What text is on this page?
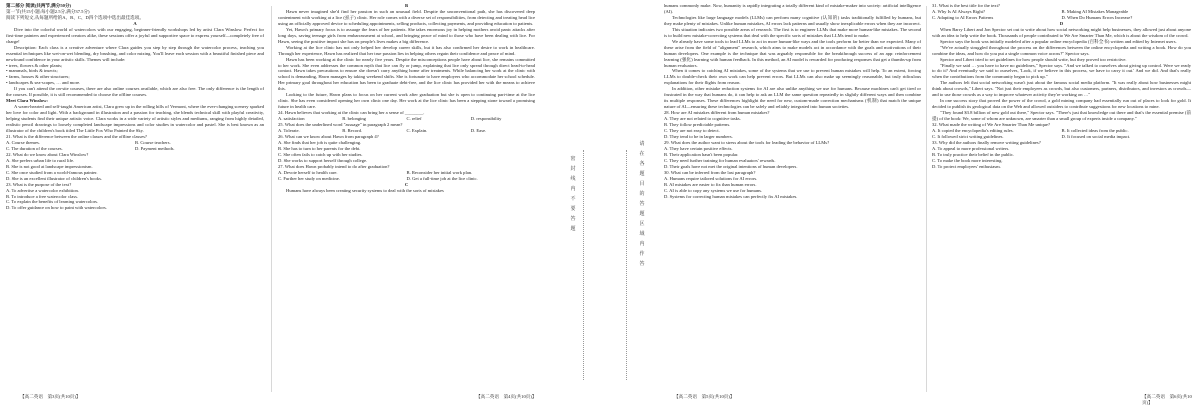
第二部分 阅读(共两节,满分50分)

第一节(共15小题;每小题2.5分,满分37.5分)

阅读下列短文,从每题所给的A、B、C、D四个选项中选出最佳选项。

A

Dive into the colorful world of watercolors with our engaging, beginner-friendly workshops led by artist Clara Winslow. Perfect for first-time painters and experienced creators alike, these sessions offer a joyful and supportive space to express yourself—completely free of charge!

Description: Each class is a creative adventure where Clara guides you step by step through the watercolor process, teaching you essential techniques like wet-on-wet blending, dry brushing, and color mixing. You'll leave each session with a beautiful finished piece and newfound confidence in your artistic skills. Themes will include:

• trees, flowers & other plants;

• mammals, birds & insects;

• farms, houses & other structures;

• landscapes & sea-scapes, … and more.

If you can't attend the on-site courses, there are also online courses available, which are also free. The only difference is the length of the courses. If possible, it is still recommended to choose the offline courses.

Meet Clara Winslow:

A warm-hearted and self-taught American artist, Clara grew up in the rolling hills of Vermont, where the ever-changing scenery sparked her love for color and light. With a background in illustration and a passion for teaching, she blends technical skill with playful creativity, helping students find their unique artistic voice. Clara works in a wide variety of artistic styles and mediums, ranging from highly detailed, realistic pencil drawings to loosely completed landscape impressions and color studies in watercolor and pastel. She is best known as an illustrator of the children's book titled The Little Fox Who Painted the Sky.

21. What is the difference between the online classes and the offline classes?

A. Course themes.	B. Course teachers.
C. The duration of the courses.	D. Payment methods.

22. What do we know about Clara Winslow?

A. She prefers urban life to rural life.

B. She is not good at landscape impressionism.

C. She once studied from a world-famous painter.

D. She is an excellent illustrator of children's books.

23. What is the purpose of the text?

A. To advertise a watercolor exhibition.

B. To introduce a free watercolor class.

C. To explain the benefits of learning watercolors.

D. To offer guidance on how to paint with watercolors.

【高二英语　第3页(共10页)】

B

Hawn never imagined she'd find her passion in such an unusual field. Despite the unconventional path, she has discovered deep contentment with working at a lice (虱子) clinic. Her role comes with a diverse set of responsibilities, from detecting and treating head lice using an officially approved device to scheduling appointments, selling products, collecting payments, and providing education to patients.

Yet, Hawn's primary focus is to assuage the fears of her patients. She takes enormous joy in helping mothers avoid panic attacks after long days, saving teenage girls from embarrassment at school, and bringing peace of mind to those who have been dealing with lice. For Hawn, seeing the positive impact she has on people's lives makes a big difference.

Working at the lice clinic has not only helped her develop career skills, but it has also confirmed her desire to work in healthcare. Through her experience, Hawn has realized that her true passion lies in helping others regain their confidence and peace of mind.

Hawn has been working at the clinic for nearly five years. Despite the misconceptions people have about lice, she remains committed to her work. She even addresses the common myth that lice can fly or jump, explaining that lice only spread through direct head-to-head contact. Hawn takes precautions to ensure she doesn't carry anything home after treatments. While balancing her work at the clinic with school is demanding, Hawn manages by taking weekend shifts. She is fortunate to have employers who accommodate her school schedule. Her primary goal throughout her education has been to graduate debt-free, and the lice clinic has provided her with the means to achieve this.

Looking to the future, Hawn plans to focus on her current work after graduation but she is open to continuing part-time at the lice clinic. She has even considered opening her own clinic one day. Her work at the lice clinic has been a stepping stone toward a promising future in health care.

24. Hawn believes that working at the clinic can bring her a sense of ________.

A. satisfaction	B. belonging	C. relief	D. responsibility

25. What does the underlined word "assuage" in paragraph 2 mean?

A. Tolerate.	B. Record.	C. Explain.	D. Ease.

26. What can we know about Hawn from paragraph 4?

A. She finds that her job is quite challenging.

B. She has to turn to her parents for the debt.

C. She often fails to catch up with her studies.

D. She works to support herself through college.

27. What does Hawn probably intend to do after graduation?

A. Devote herself to health care.	B. Reconsider her initial work plan.
C. Further her study on medicine.	D. Get a full-time job at the lice clinic.

C

Humans have always been creating security systems to deal with the sorts of mistakes

【高二英语　第4页(共10页)】
密封线内不要答题
请在各题目的答题区域内作答

humans commonly make. Now, humanity is rapidly integrating a totally different kind of mistake-maker into society: artificial intelligence (AI).

Technologies like large language models (LLMs) can perform many cognitive (认知的) tasks traditionally fulfilled by humans, but they make plenty of mistakes. Unlike human mistakes, AI errors lack patterns and usually show inexplicable errors when they are incorrect.

This situation indicates two possible areas of research. The first is to engineer LLMs that make more human-like mistakes. The second is to build new mistake-correcting systems that deal with the specific sorts of mistakes that LLMs tend to make.

We already have some tools to lead LLMs to act in more human-like ways and the tools perform far better than we expected. Many of these arise from the field of "alignment" research, which aims to make models act in accordance with the goals and motivations of their human developers. One example is the technique that was arguably responsible for the breakthrough success of an app: reinforcement learning (强化) learning with human feedback. In this method, an AI model is rewarded for producing responses that get a thumbs-up from human evaluators.

When it comes to catching AI mistakes, some of the systems that we use to prevent human mistakes will help. To an extent, forcing LLMs to double-check their own work can help prevent errors. But LLMs can also make up seemingly reasonable, but truly ridiculous explanations for their flights from reason.

In addition, other mistake reduction systems for AI are also unlike anything we use for humans. Because machines can't get tired or frustrated in the way that humans do, it can help to ask an LLM the same question repeatedly in slightly different ways and then combine its multiple responses. These differences highlight the need for new, custom-made correction mechanisms (机制) that match the unique nature of AI—ensuring these technologies can be safely and reliably integrated into human societies.

28. How are AI mistakes different from human mistakes?

A. They are not related to cognitive tasks.

B. They follow predictable patterns.

C. They are not easy to detect.

D. They tend to be in larger numbers.

29. What does the author want to stress about the tools for leading the behavior of LLMs?

A. They have certain positive effects.

B. Their application hasn't been popular.

C. They need further training for human evaluators' rewards.

D. Their goals have not met the original intentions of human developers.

30. What can be inferred from the last paragraph?

A. Humans require tailored solutions for AI errors.

B. AI mistakes are easier to fix than human errors.

C. AI is able to copy any systems we use for humans.

D. Systems for correcting human mistakes can perfectly fix AI mistakes.

【高二英语　第5页(共10页)】

31. What is the best title for the text?

A. Why Is AI Always Right?	B. Making AI Mistakes Manageable
C. Adapting to AI Errors Patterns	D. When Do Humans Errors Increase?

D

When Barry Libert and Jon Spector set out to write about how social networking might help businesses, they allowed just about anyone with an idea to help write the book. Thousands of people contributed to We Are Smarter Than Me, which is about the wisdom of the crowd.

Spector says the book was initially modeled after a popular online encyclopedia (百科全书) written and edited by Internet users.

"We've actually struggled throughout the process on the differences between the online encyclopedia and writing a book. How do you combine the ideas, and how do you put a single common voice across?" Spector says.

Spector and Libert tried to set guidelines for how people should write, but they proved too restrictive.

"Finally we said … you have to have no guidelines," Spector says. "And we talked to ourselves about giving up control. Were we ready to do it? And eventually we said to ourselves, 'Look, if we believe in this process, we have to carry it out.' And we did. And that's really when the contributions from the community began to pick up."

The authors felt that social networking wasn't just about the famous social media platform. "It was really about how businesses might think about crowds," Libert says. "Not just their employees as crowds, but also customers, partners, distributors, and investors as crowds—and to use those crowds as a way to improve whatever activity they're working on …"

In one success story that proved the power of the crowd, a gold mining company had essentially run out of places to look for gold. It decided to publish its geological data on the Web and allowed outsiders to contribute suggestions for new locations to mine.

"They found $3.8 billion of new gold out there," Spector says. "There's just that knowledge out there and that's the essential premise (前提) of the book: We, some of whom are unknown, are smarter than a small group of experts inside a company."

32. What made the writing of We Are Smarter Than Me unique?

A. It copied the encyclopedia's editing rules.	B. It collected ideas from the public.
C. It followed strict writing guidelines.	D. It focused on social media impact.

33. Why did the authors finally remove writing guidelines?

A. To appeal to more professional writers.

B. To truly practice their belief in the public.

C. To make the book more interesting.

D. To protect employees' enthusiasm.

【高二英语　第6页(共10页)】
